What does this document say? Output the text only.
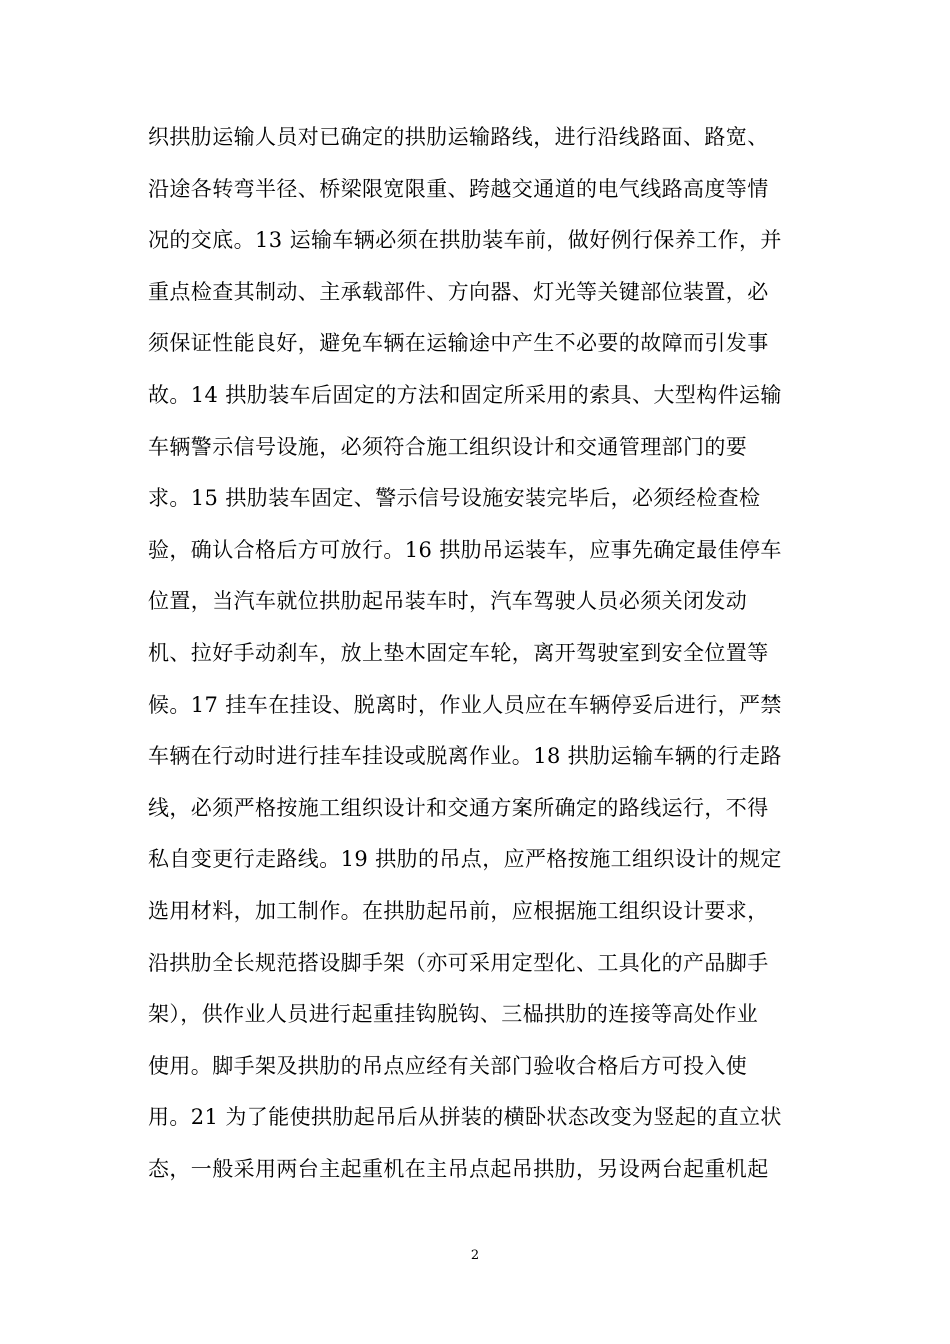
织拱肋运输人员对已确定的拱肋运输路线，进行沿线路面、路宽、
沿途各转弯半径、桥梁限宽限重、跨越交通道的电气线路高度等情
况的交底。13 运输车辆必须在拱肋装车前，做好例行保养工作，并
重点检查其制动、主承载部件、方向器、灯光等关键部位装置，必
须保证性能良好，避免车辆在运输途中产生不必要的故障而引发事
故。14 拱肋装车后固定的方法和固定所采用的索具、大型构件运输
车辆警示信号设施，必须符合施工组织设计和交通管理部门的要
求。15 拱肋装车固定、警示信号设施安装完毕后，必须经检查检
验，确认合格后方可放行。16 拱肋吊运装车，应事先确定最佳停车
位置，当汽车就位拱肋起吊装车时，汽车驾驶人员必须关闭发动
机、拉好手动刹车，放上垫木固定车轮，离开驾驶室到安全位置等
候。17 挂车在挂设、脱离时，作业人员应在车辆停妥后进行，严禁
车辆在行动时进行挂车挂设或脱离作业。18 拱肋运输车辆的行走路
线，必须严格按施工组织设计和交通方案所确定的路线运行，不得
私自变更行走路线。19 拱肋的吊点，应严格按施工组织设计的规定
选用材料，加工制作。在拱肋起吊前，应根据施工组织设计要求，
沿拱肋全长规范搭设脚手架（亦可采用定型化、工具化的产品脚手
架），供作业人员进行起重挂钩脱钩、三榀拱肋的连接等高处作业
使用。脚手架及拱肋的吊点应经有关部门验收合格后方可投入使
用。21 为了能使拱肋起吊后从拼装的横卧状态改变为竖起的直立状
态，一般采用两台主起重机在主吊点起吊拱肋，另设两台起重机起
2
